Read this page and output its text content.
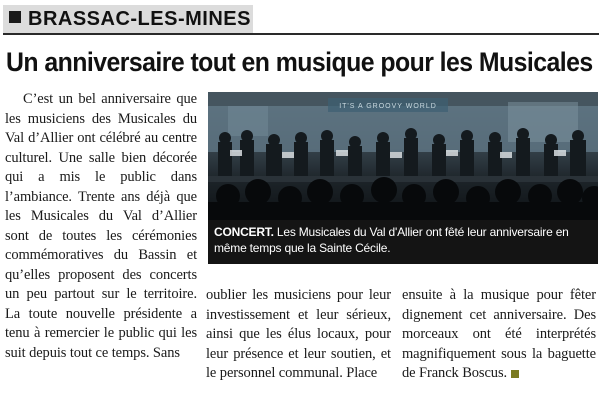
BRASSAC-LES-MINES
Un anniversaire tout en musique pour les Musicales
C’est un bel anniversaire que les musiciens des Musicales du Val d’Allier ont célébré au centre culturel. Une salle bien décorée qui a mis le public dans l’ambiance. Trente ans déjà que les Musicales du Val d’Allier sont de toutes les cérémonies commémoratives du Bassin et qu’elles proposent des concerts un peu partout sur le territoire. La toute nouvelle présidente a tenu à remercier le public qui les suit depuis tout ce temps. Sans
IT'S A GROOVY WORLD
CONCERT. Les Musicales du Val d'Allier ont fêté leur anniversaire en même temps que la Sainte Cécile.
oublier les musiciens pour leur investissement et leur sérieux, ainsi que les élus locaux, pour leur présence et leur soutien, et le personnel communal. Place
ensuite à la musique pour fêter dignement cet anniversaire. Des morceaux ont été interprétés magnifiquement sous la baguette de Franck Boscus.
